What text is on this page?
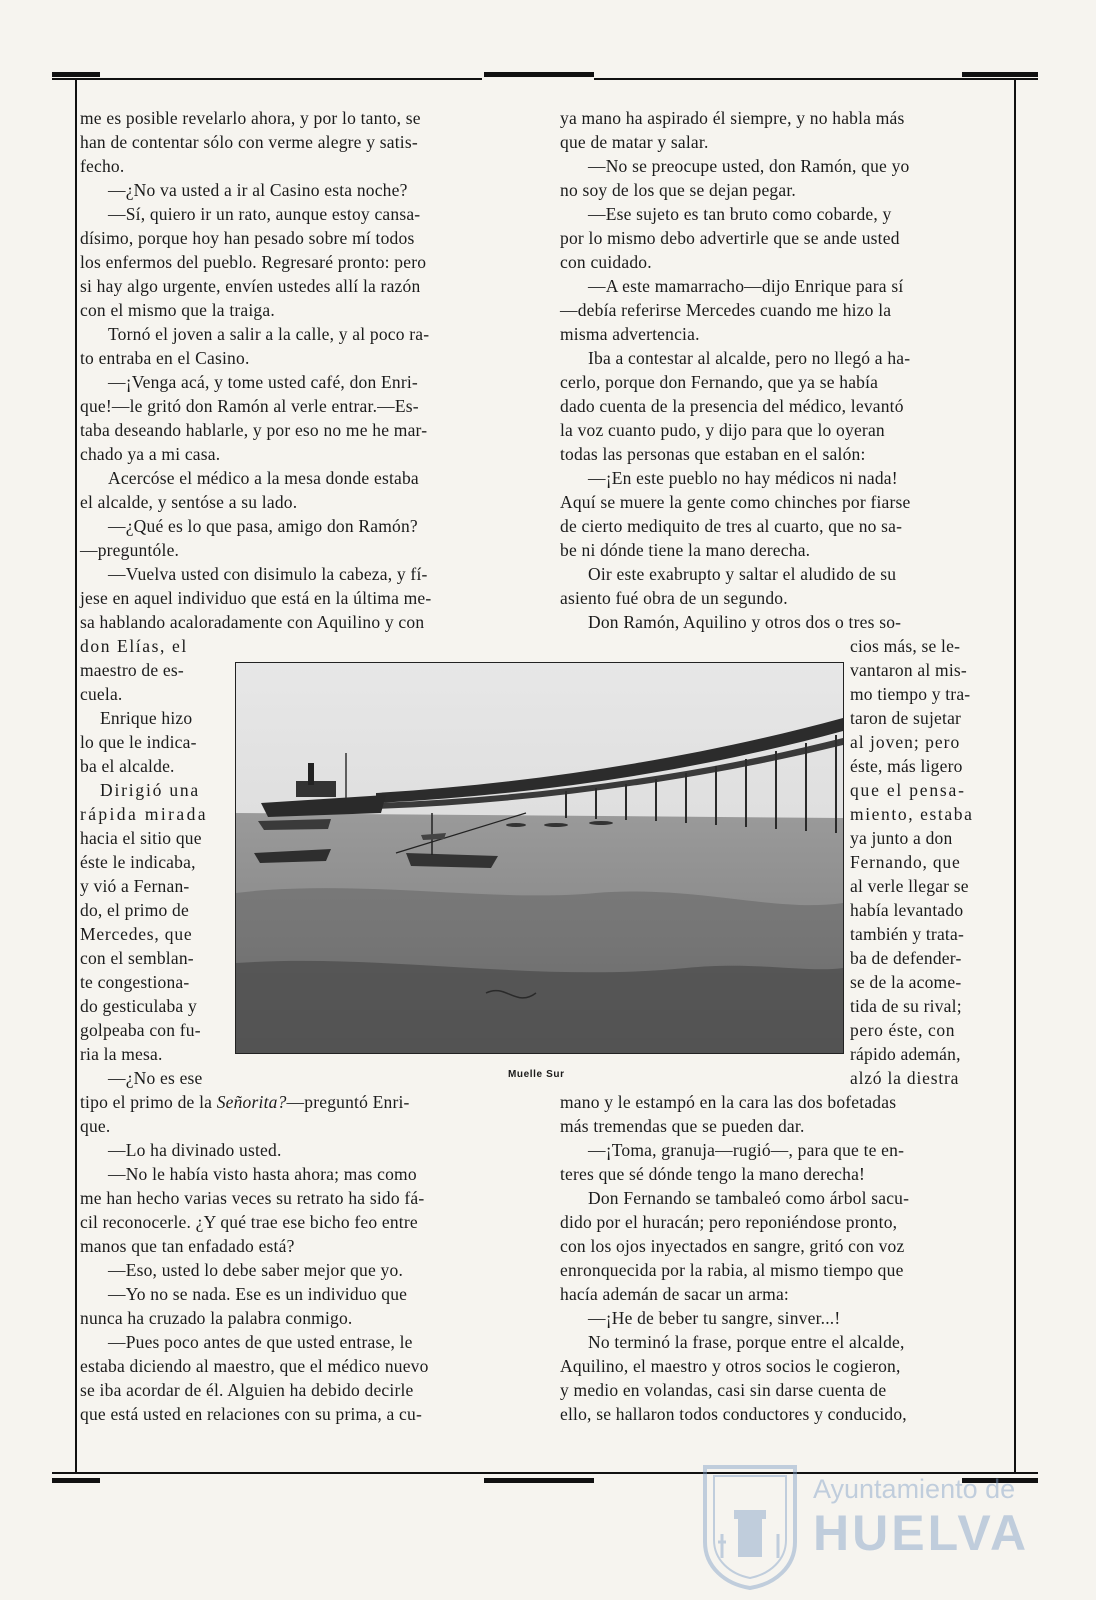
me es posible revelarlo ahora, y por lo tanto, se

han de contentar sólo con verme alegre y satis-

fecho.

—¿No va usted a ir al Casino esta noche?

—Sí, quiero ir un rato, aunque estoy cansa-

dísimo, porque hoy han pesado sobre mí todos

los enfermos del pueblo. Regresaré pronto: pero

si hay algo urgente, envíen ustedes allí la razón

con el mismo que la traiga.

Tornó el joven a salir a la calle, y al poco ra-

to entraba en el Casino.

—¡Venga acá, y tome usted café, don Enri-

que!—le gritó don Ramón al verle entrar.—Es-

taba deseando hablarle, y por eso no me he mar-

chado ya a mi casa.

Acercóse el médico a la mesa donde estaba

el alcalde, y sentóse a su lado.

—¿Qué es lo que pasa, amigo don Ramón?

—preguntóle.

—Vuelva usted con disimulo la cabeza, y fí-

jese en aquel individuo que está en la última me-

sa hablando acaloradamente con Aquilino y con

don Elías, el

maestro de es-

cuela.

Enrique hizo

lo que le indica-

ba el alcalde.

Dirigió una

rápida mirada

hacia el sitio que

éste le indicaba,

y vió a Fernan-

do, el primo de

Mercedes, que

con el semblan-

te congestiona-

do gesticulaba y

golpeaba con fu-

ria la mesa.

—¿No es ese

tipo el primo de la Señorita?—preguntó Enri-

que.

—Lo ha divinado usted.

—No le había visto hasta ahora; mas como

me han hecho varias veces su retrato ha sido fá-

cil reconocerle. ¿Y qué trae ese bicho feo entre

manos que tan enfadado está?

—Eso, usted lo debe saber mejor que yo.

—Yo no se nada. Ese es un individuo que

nunca ha cruzado la palabra conmigo.

—Pues poco antes de que usted entrase, le

estaba diciendo al maestro, que el médico nuevo

se iba acordar de él. Alguien ha debido decirle

que está usted en relaciones con su prima, a cu-

ya mano ha aspirado él siempre, y no habla más

que de matar y salar.

—No se preocupe usted, don Ramón, que yo

no soy de los que se dejan pegar.

—Ese sujeto es tan bruto como cobarde, y

por lo mismo debo advertirle que se ande usted

con cuidado.

—A este mamarracho—dijo Enrique para sí

—debía referirse Mercedes cuando me hizo la

misma advertencia.

Iba a contestar al alcalde, pero no llegó a ha-

cerlo, porque don Fernando, que ya se había

dado cuenta de la presencia del médico, levantó

la voz cuanto pudo, y dijo para que lo oyeran

todas las personas que estaban en el salón:

—¡En este pueblo no hay médicos ni nada!

Aquí se muere la gente como chinches por fiarse

de cierto mediquito de tres al cuarto, que no sa-

be ni dónde tiene la mano derecha.

Oir este exabrupto y saltar el aludido de su

asiento fué obra de un segundo.

Don Ramón, Aquilino y otros dos o tres so-

cios más, se le-

vantaron al mis-

mo tiempo y tra-

taron de sujetar

al joven; pero

éste, más ligero

que el pensa-

miento, estaba

ya junto a don

Fernando, que

al verle llegar se

había levantado

también y trata-

ba de defender-

se de la acome-

tida de su rival;

pero éste, con

rápido ademán,

alzó la diestra

mano y le estampó en la cara las dos bofetadas

más tremendas que se pueden dar.

—¡Toma, granuja—rugió—, para que te en-

teres que sé dónde tengo la mano derecha!

Don Fernando se tambaleó como árbol sacu-

dido por el huracán; pero reponiéndose pronto,

con los ojos inyectados en sangre, gritó con voz

enronquecida por la rabia, al mismo tiempo que

hacía ademán de sacar un arma:

—¡He de beber tu sangre, sinver...!

No terminó la frase, porque entre el alcalde,

Aquilino, el maestro y otros socios le cogieron,

y medio en volandas, casi sin darse cuenta de

ello, se hallaron todos conductores y conducido,

Muelle Sur
Ayuntamiento de
HUELVA
